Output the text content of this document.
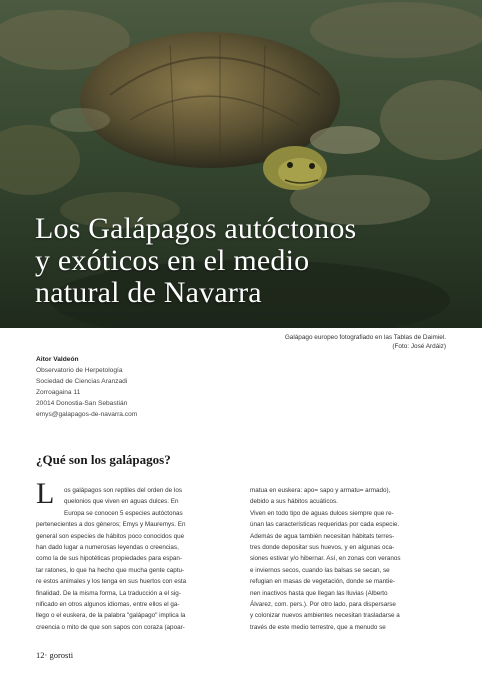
Los Galápagos autóctonos
y exóticos en el medio
natural de Navarra
Galápago europeo fotografiado en las Tablas de Daimiel.
(Foto: José Ardáiz)
Aitor Valdeón
Observatorio de Herpetología
Sociedad de Ciencias Aranzadi
Zorroagaina 11
20014 Donostia-San Sebastián
emys@galapagos-de-navarra.com
¿Qué son los galápagos?
L	os galápagos son reptiles del orden de los
quelonios que viven en aguas dulces. En
Europa se conocen 5 especies autóctonas
pertenecientes a dos géneros; Emys y Mauremys. En
general son especies de hábitos poco conocidos que
han dado lugar a numerosas leyendas o creencias,
como la de sus hipotéticas propiedades para espan-
tar ratones, lo que ha hecho que mucha gente captu-
re estos animales y los tenga en sus huertos con esta
finalidad. De la misma forma, La traducción a el sig-
nificado en otros algunos idiomas, entre ellos el ga-
llego o el euskera, de la palabra "galápago" implica la
creencia o mito de que son sapos con coraza (apoar-
matua en euskera: apo= sapo y armatu= armado),
debido a sus hábitos acuáticos.
Viven en todo tipo de aguas dulces siempre que re-
únan las características requeridas por cada especie.
Además de agua también necesitan hábitats terres-
tres donde depositar sus huevos, y en algunas oca-
siones estivar y/o hibernar. Así, en zonas con veranos
e inviernos secos, cuando las balsas se secan, se
refugian en masas de vegetación, donde se mantie-
nen inactivos hasta que llegan las lluvias (Alberto
Álvarez, com. pers.). Por otro lado, para dispersarse
y colonizar nuevos ambientes necesitan trasladarse a
través de este medio terrestre, que a menudo se
12· gorosti
